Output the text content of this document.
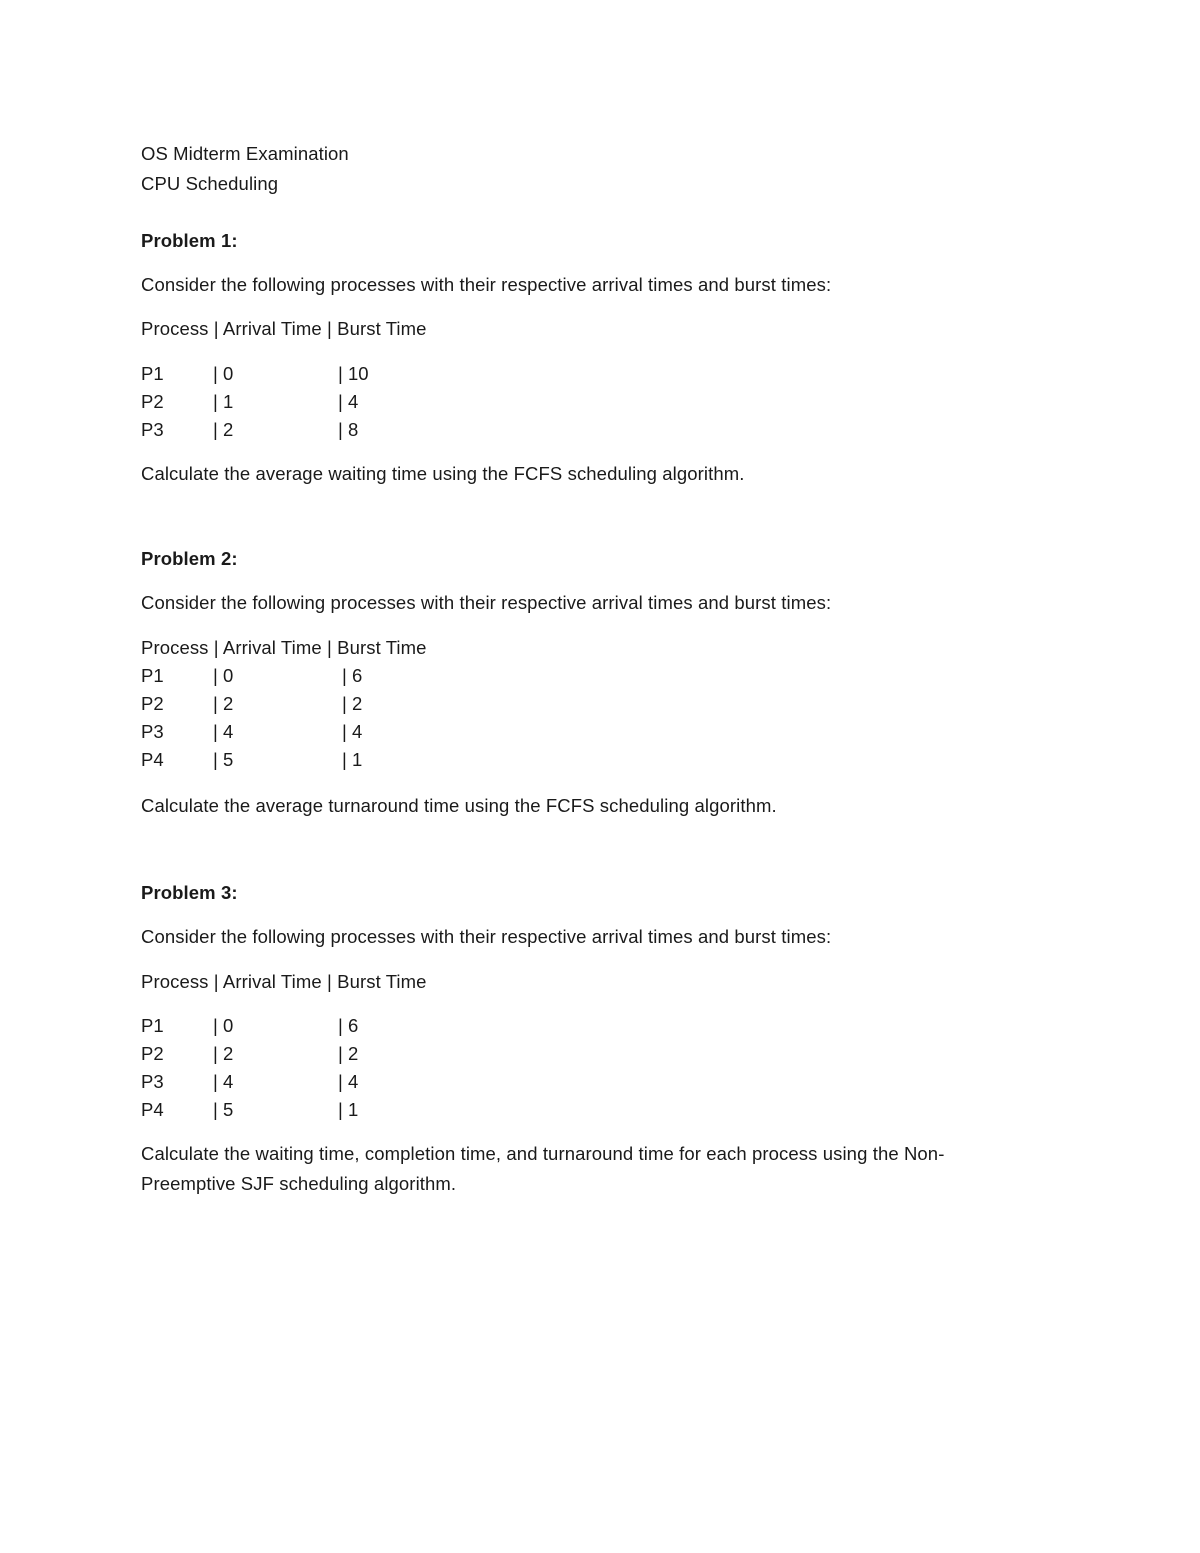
OS Midterm Examination
CPU Scheduling
Problem 1:
Consider the following processes with their respective arrival times and burst times:
Process | Arrival Time | Burst Time
P1	| 0	| 10
P2	| 1	| 4
P3	| 2	| 8
Calculate the average waiting time using the FCFS scheduling algorithm.
Problem 2:
Consider the following processes with their respective arrival times and burst times:
Process | Arrival Time | Burst Time
P1	| 0	| 6
P2	| 2	| 2
P3	| 4	| 4
P4	| 5	| 1
Calculate the average turnaround time using the FCFS scheduling algorithm.
Problem 3:
Consider the following processes with their respective arrival times and burst times:
Process | Arrival Time | Burst Time
P1	| 0	| 6
P2	| 2	| 2
P3	| 4	| 4
P4	| 5	| 1
Calculate the waiting time, completion time, and turnaround time for each process using the Non-
Preemptive SJF scheduling algorithm.
